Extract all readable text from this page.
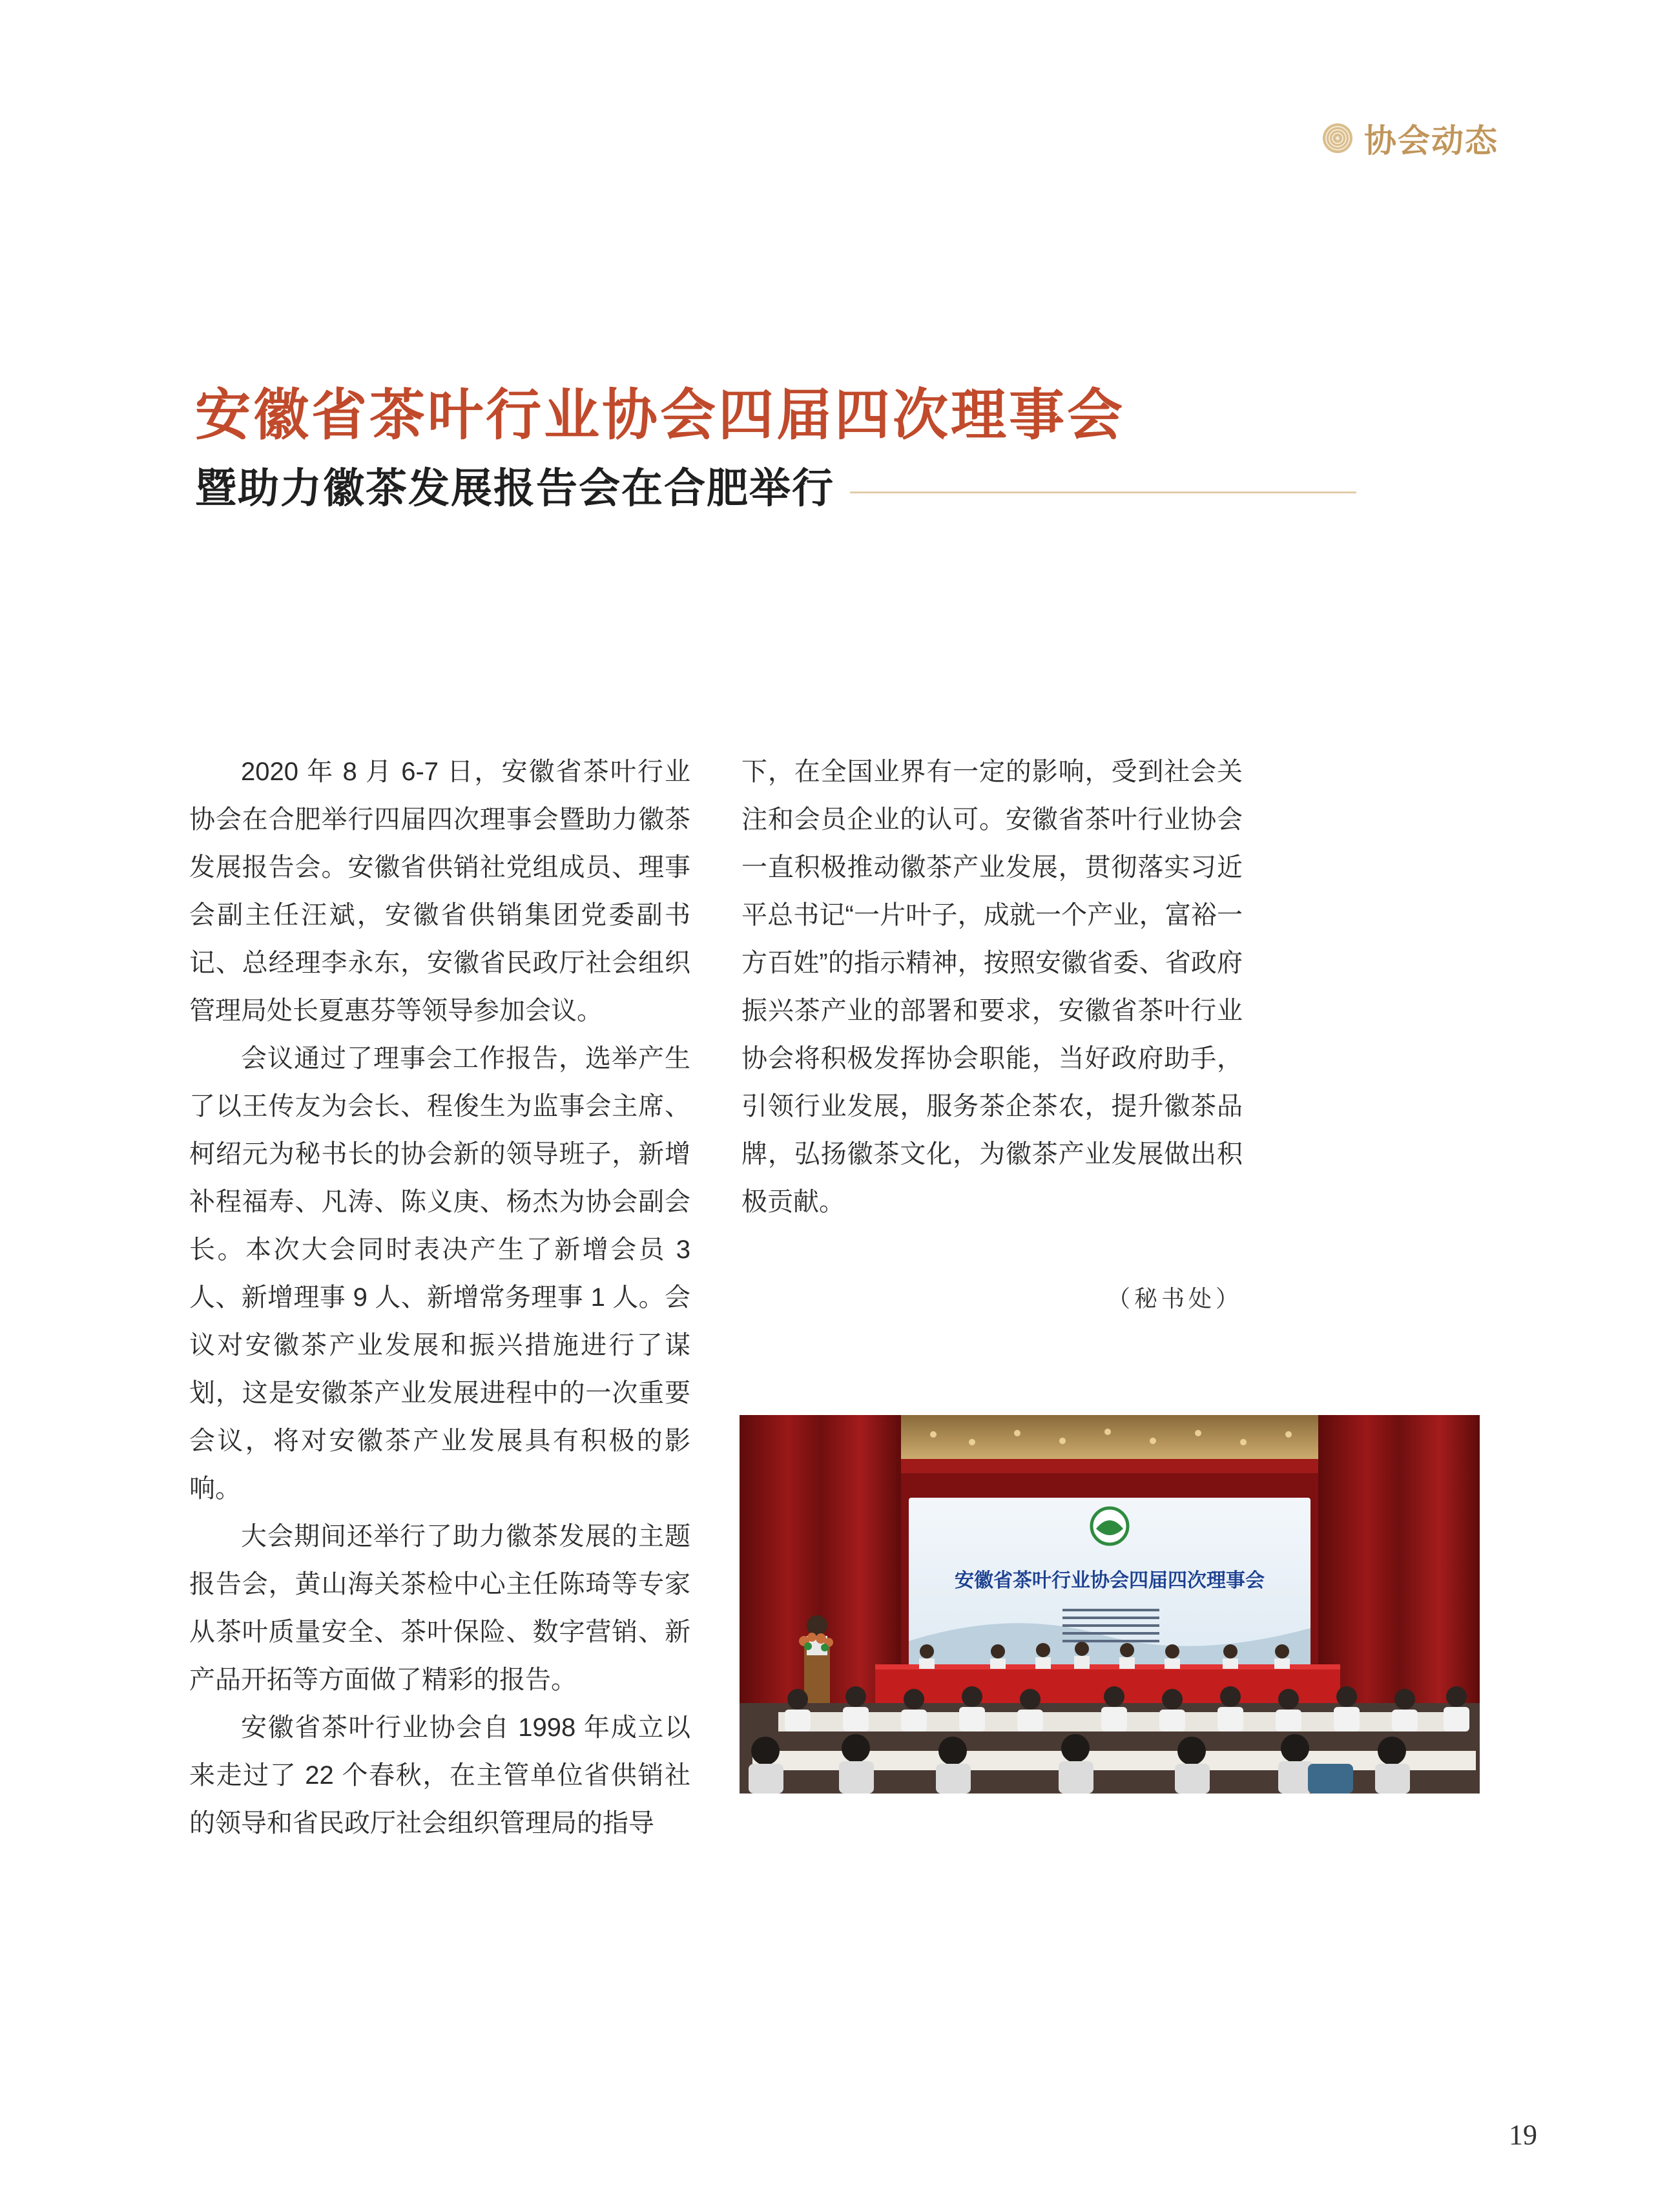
协会动态
安徽省茶叶行业协会四届四次理事会
暨助力徽茶发展报告会在合肥举行

2020 年 8 月 6-7 日，安徽省茶叶行业协会在合肥举行四届四次理事会暨助力徽茶发展报告会。安徽省供销社党组成员、理事会副主任汪斌，安徽省供销集团党委副书记、总经理李永东，安徽省民政厅社会组织管理局处长夏惠芬等领导参加会议。

会议通过了理事会工作报告，选举产生了以王传友为会长、程俊生为监事会主席、柯绍元为秘书长的协会新的领导班子，新增补程福寿、凡涛、陈义庚、杨杰为协会副会长。本次大会同时表决产生了新增会员 3 人、新增理事 9 人、新增常务理事 1 人。会议对安徽茶产业发展和振兴措施进行了谋划，这是安徽茶产业发展进程中的一次重要会议，将对安徽茶产业发展具有积极的影响。

大会期间还举行了助力徽茶发展的主题报告会，黄山海关茶检中心主任陈琦等专家从茶叶质量安全、茶叶保险、数字营销、新产品开拓等方面做了精彩的报告。

安徽省茶叶行业协会自 1998 年成立以来走过了 22 个春秋，在主管单位省供销社的领导和省民政厅社会组织管理局的指导

下，在全国业界有一定的影响，受到社会关注和会员企业的认可。安徽省茶叶行业协会一直积极推动徽茶产业发展，贯彻落实习近平总书记“一片叶子，成就一个产业，富裕一方百姓”的指示精神，按照安徽省委、省政府振兴茶产业的部署和要求，安徽省茶叶行业协会将积极发挥协会职能，当好政府助手，引领行业发展，服务茶企茶农，提升徽茶品牌，弘扬徽茶文化，为徽茶产业发展做出积极贡献。

（秘书处）
安徽省茶叶行业协会四届四次理事会
19
